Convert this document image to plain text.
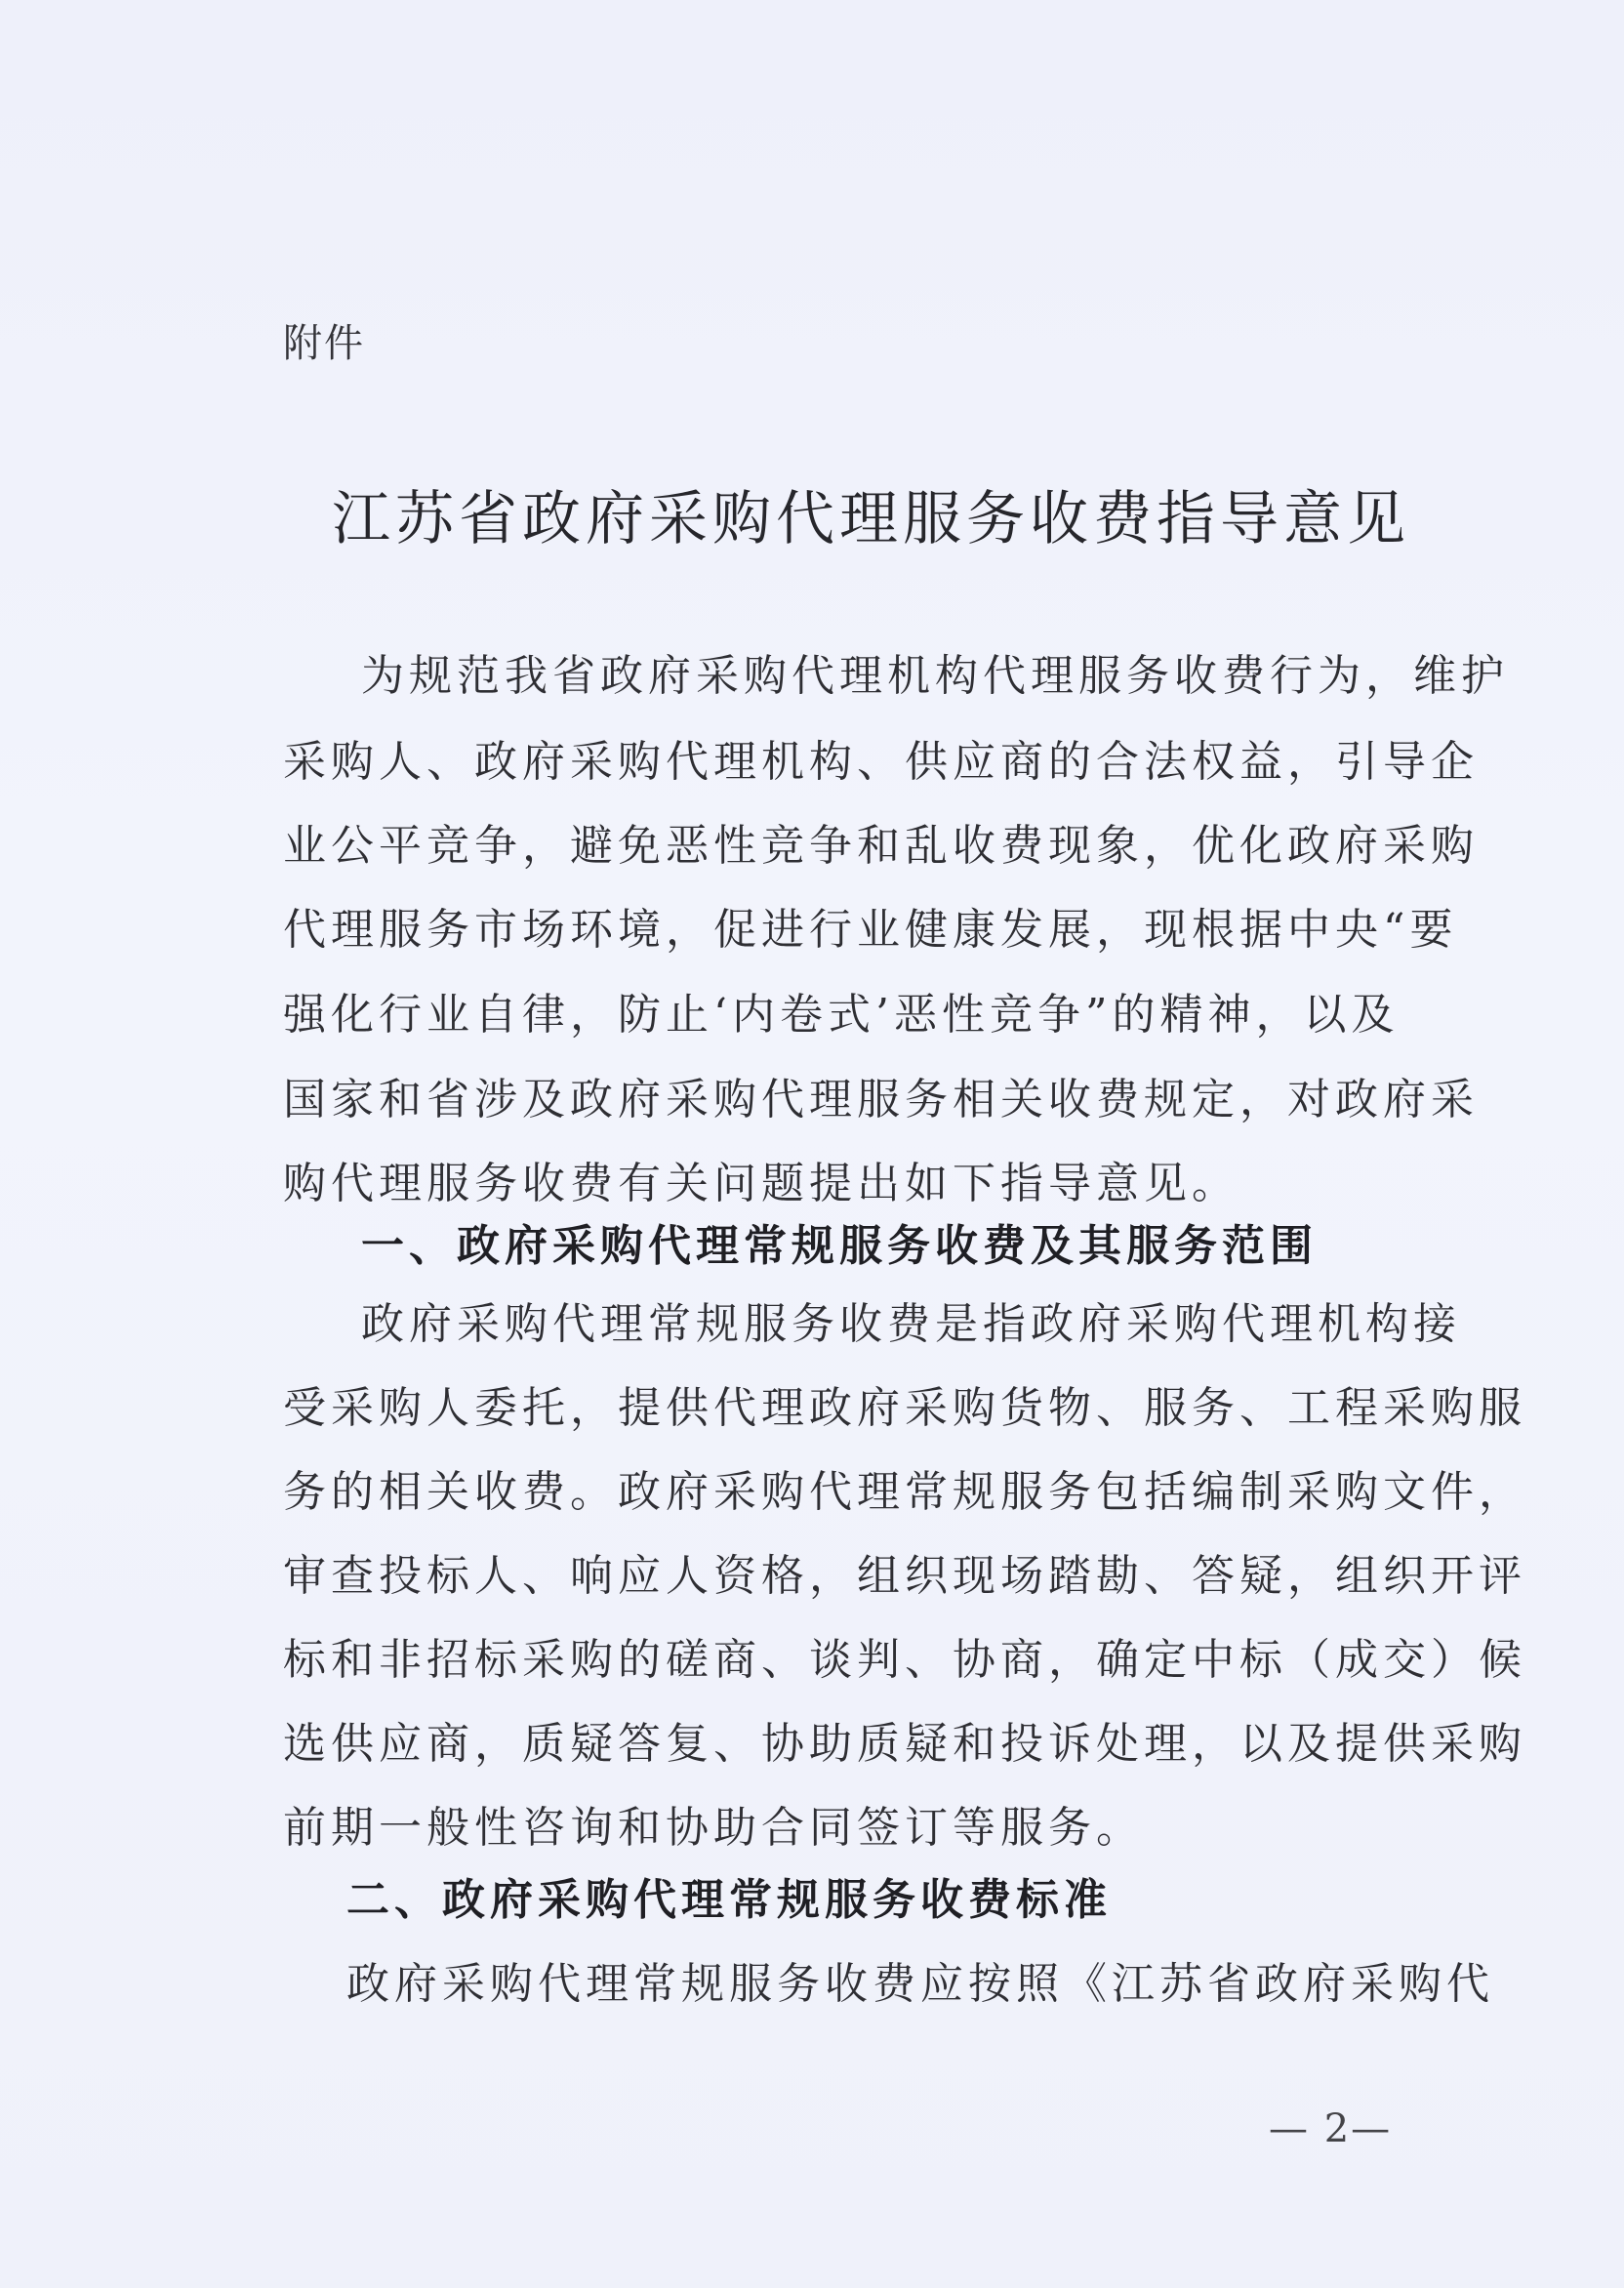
附件
江苏省政府采购代理服务收费指导意见
为规范我省政府采购代理机构代理服务收费行为，维护
采购人、政府采购代理机构、供应商的合法权益，引导企
业公平竞争，避免恶性竞争和乱收费现象，优化政府采购
代理服务市场环境，促进行业健康发展，现根据中央“要
强化行业自律，防止‘内卷式’恶性竞争”的精神，以及
国家和省涉及政府采购代理服务相关收费规定，对政府采
购代理服务收费有关问题提出如下指导意见。
一、政府采购代理常规服务收费及其服务范围
政府采购代理常规服务收费是指政府采购代理机构接
受采购人委托，提供代理政府采购货物、服务、工程采购服
务的相关收费。政府采购代理常规服务包括编制采购文件，
审查投标人、响应人资格，组织现场踏勘、答疑，组织开评
标和非招标采购的磋商、谈判、协商，确定中标（成交）候
选供应商，质疑答复、协助质疑和投诉处理，以及提供采购
前期一般性咨询和协助合同签订等服务。
二、政府采购代理常规服务收费标准
政府采购代理常规服务收费应按照《江苏省政府采购代
— 2—
